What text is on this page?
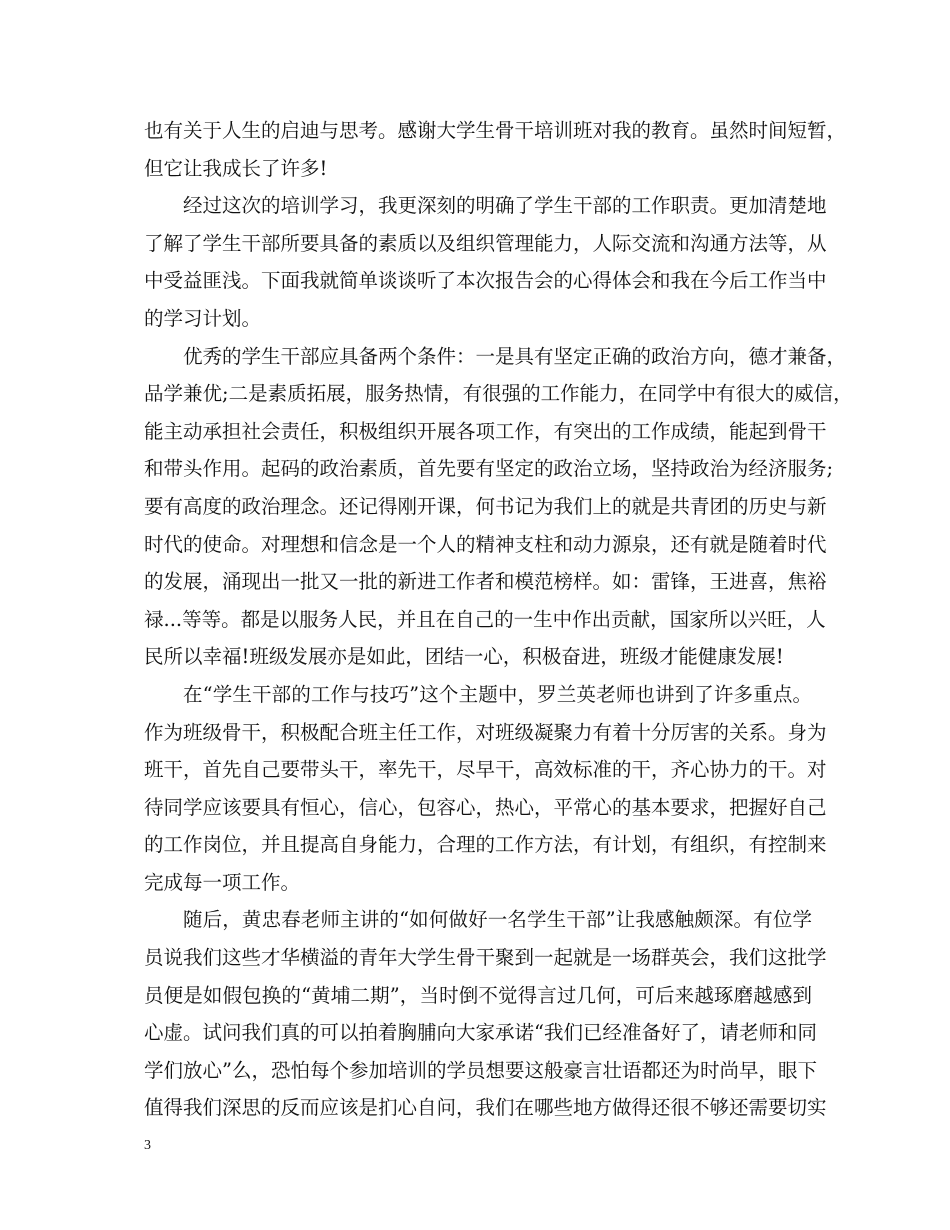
也有关于人生的启迪与思考。感谢大学生骨干培训班对我的教育。虽然时间短暂，
但它让我成长了许多!
经过这次的培训学习，我更深刻的明确了学生干部的工作职责。更加清楚地
了解了学生干部所要具备的素质以及组织管理能力，人际交流和沟通方法等，从
中受益匪浅。下面我就简单谈谈听了本次报告会的心得体会和我在今后工作当中
的学习计划。
优秀的学生干部应具备两个条件：一是具有坚定正确的政治方向，德才兼备，
品学兼优;二是素质拓展，服务热情，有很强的工作能力，在同学中有很大的威信，
能主动承担社会责任，积极组织开展各项工作，有突出的工作成绩，能起到骨干
和带头作用。起码的政治素质，首先要有坚定的政治立场，坚持政治为经济服务;
要有高度的政治理念。还记得刚开课，何书记为我们上的就是共青团的历史与新
时代的使命。对理想和信念是一个人的精神支柱和动力源泉，还有就是随着时代
的发展，涌现出一批又一批的新进工作者和模范榜样。如：雷锋，王进喜，焦裕
禄...等等。都是以服务人民，并且在自己的一生中作出贡献，国家所以兴旺，人
民所以幸福!班级发展亦是如此，团结一心，积极奋进，班级才能健康发展!
在“学生干部的工作与技巧”这个主题中，罗兰英老师也讲到了许多重点。
作为班级骨干，积极配合班主任工作，对班级凝聚力有着十分厉害的关系。身为
班干，首先自己要带头干，率先干，尽早干，高效标准的干，齐心协力的干。对
待同学应该要具有恒心，信心，包容心，热心，平常心的基本要求，把握好自己
的工作岗位，并且提高自身能力，合理的工作方法，有计划，有组织，有控制来
完成每一项工作。
随后，黄忠春老师主讲的“如何做好一名学生干部”让我感触颇深。有位学
员说我们这些才华横溢的青年大学生骨干聚到一起就是一场群英会，我们这批学
员便是如假包换的“黄埔二期”，当时倒不觉得言过几何，可后来越琢磨越感到
心虚。试问我们真的可以拍着胸脯向大家承诺“我们已经准备好了，请老师和同
学们放心”么，恐怕每个参加培训的学员想要这般豪言壮语都还为时尚早，眼下
值得我们深思的反而应该是扪心自问，我们在哪些地方做得还很不够还需要切实
3
